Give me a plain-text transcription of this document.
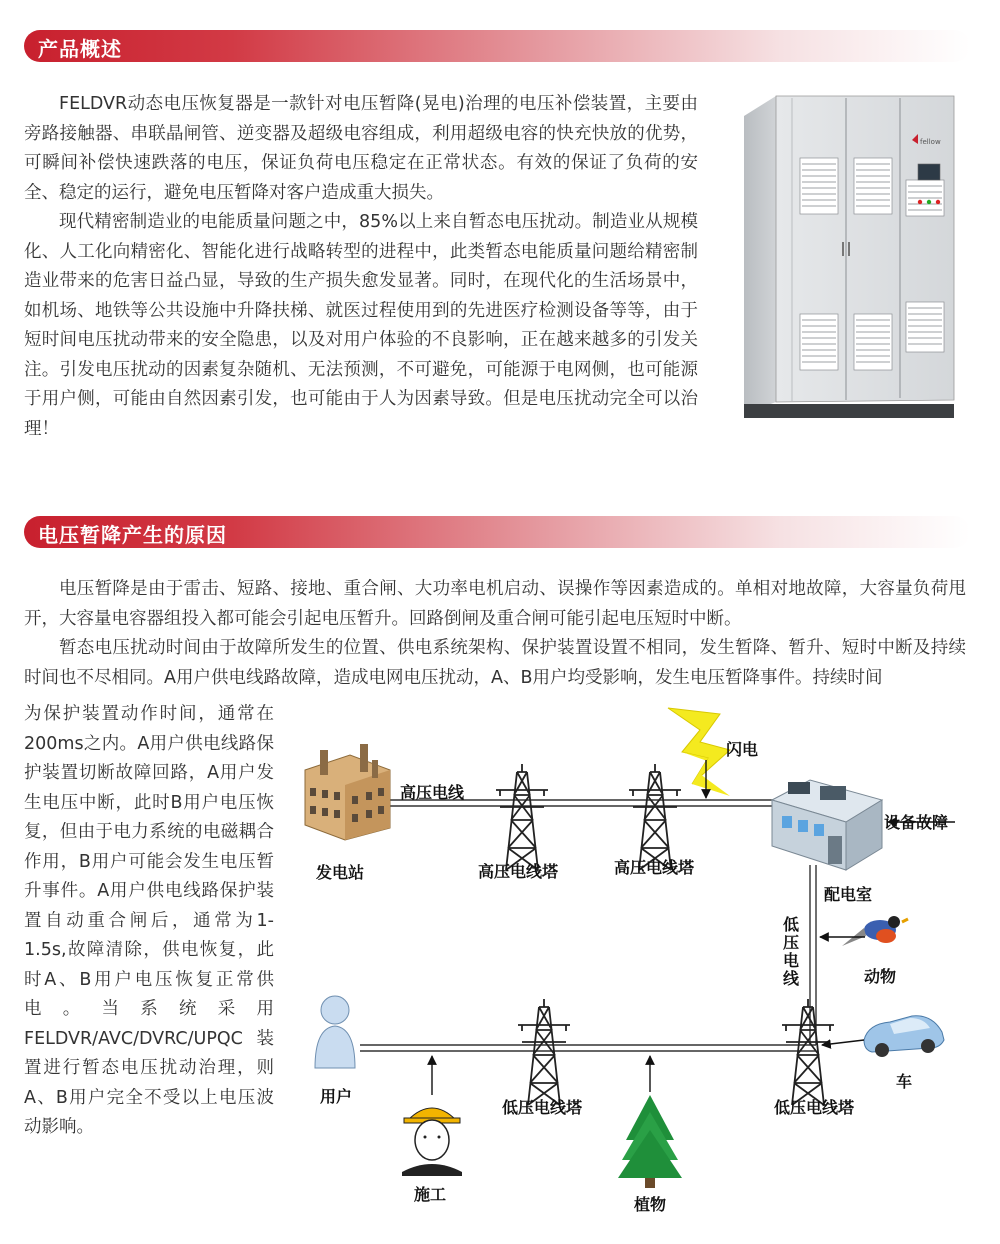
产品概述

FELDVR动态电压恢复器是一款针对电压暂降(晃电)治理的电压补偿装置，主要由旁路接触器、串联晶闸管、逆变器及超级电容组成，利用超级电容的快充快放的优势，可瞬间补偿快速跌落的电压，保证负荷电压稳定在正常状态。有效的保证了负荷的安全、稳定的运行，避免电压暂降对客户造成重大损失。

现代精密制造业的电能质量问题之中，85%以上来自暂态电压扰动。制造业从规模化、人工化向精密化、智能化进行战略转型的进程中，此类暂态电能质量问题给精密制造业带来的危害日益凸显，导致的生产损失愈发显著。同时，在现代化的生活场景中，如机场、地铁等公共设施中升降扶梯、就医过程使用到的先进医疗检测设备等等，由于短时间电压扰动带来的安全隐患，以及对用户体验的不良影响，正在越来越多的引发关注。引发电压扰动的因素复杂随机、无法预测，不可避免，可能源于电网侧，也可能源于用户侧，可能由自然因素引发，也可能由于人为因素导致。但是电压扰动完全可以治理！

fellow
电压暂降产生的原因

电压暂降是由于雷击、短路、接地、重合闸、大功率电机启动、误操作等因素造成的。单相对地故障，大容量负荷甩开，大容量电容器组投入都可能会引起电压暂升。回路倒闸及重合闸可能引起电压短时中断。

暂态电压扰动时间由于故障所发生的位置、供电系统架构、保护装置设置不相同，发生暂降、暂升、短时中断及持续时间也不尽相同。A用户供电线路故障，造成电网电压扰动，A、B用户均受影响，发生电压暂降事件。持续时间

为保护装置动作时间，通常在200ms之内。A用户供电线路保护装置切断故障回路，A用户发生电压中断，此时B用户电压恢复，但由于电力系统的电磁耦合作用，B用户可能会发生电压暂升事件。A用户供电线路保护装置自动重合闸后，通常为1-1.5s,故障清除，供电恢复，此时A、B用户电压恢复正常供电。当系统采用 FELDVR/AVC/DVRC/UPQC装置进行暂态电压扰动治理，则A、B用户完全不受以上电压波动影响。

发电站
高压电线
高压电线塔	高压电线塔
闪电
设备故障
配电室
低压电线	动物
用户
车
低压电线塔	低压电线塔
施工
植物
